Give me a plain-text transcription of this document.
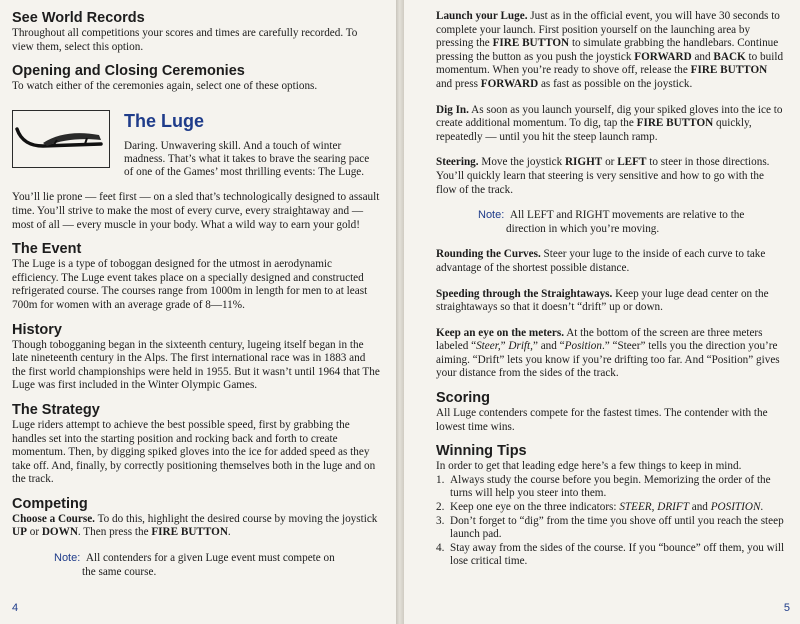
See World Records

Throughout all competitions your scores and times are carefully recorded. To view them, select this option.

Opening and Closing Ceremonies

To watch either of the ceremonies again, select one of these options.

The Luge

Daring. Unwavering skill. And a touch of winter madness. That’s what it takes to brave the searing pace of one of the Games’ most thrilling events: The Luge.

You’ll lie prone — feet first — on a sled that’s technologically designed to assault time. You’ll strive to make the most of every curve, every straightaway and — most of all — every muscle in your body. What a wild way to earn your gold!

The Event

The Luge is a type of toboggan designed for the utmost in aerodynamic efficiency. The Luge event takes place on a specially designed and constructed refrigerated course. The courses range from 1000m in length for men to at least 700m for women with an average grade of 8—11%.

History

Though tobogganing began in the sixteenth century, lugeing itself began in the late nineteenth century in the Alps. The first international race was in 1883 and the first world championships were held in 1955. But it wasn’t until 1964 that The Luge was first included in the Winter Olympic Games.

The Strategy

Luge riders attempt to achieve the best possible speed, first by grabbing the handles set into the starting position and rocking back and forth to create momentum. Then, by digging spiked gloves into the ice for added speed as they take off. And, finally, by correctly positioning themselves both in the luge and on the track.

Competing

Choose a Course. To do this, highlight the desired course by moving the joystick UP or DOWN. Then press the FIRE BUTTON.

Note: All contenders for a given Luge event must compete on
the same course.
4

Launch your Luge. Just as in the official event, you will have 30 seconds to complete your launch. First position yourself on the launching area by pressing the FIRE BUTTON to simulate grabbing the handlebars. Continue pressing the button as you push the joystick FORWARD and BACK to build momentum. When you’re ready to shove off, release the FIRE BUTTON and press FORWARD as fast as possible on the joystick.

Dig In. As soon as you launch yourself, dig your spiked gloves into the ice to create additional momentum. To dig, tap the FIRE BUTTON quickly, repeatedly — until you hit the steep launch ramp.

Steering. Move the joystick RIGHT or LEFT to steer in those directions. You’ll quickly learn that steering is very sensitive and how to go with the flow of the track.

Note: All LEFT and RIGHT movements are relative to the
direction in which you’re moving.

Rounding the Curves. Steer your luge to the inside of each curve to take advantage of the shortest possible distance.

Speeding through the Straightaways. Keep your luge dead center on the straightaways so that it doesn’t “drift” up or down.

Keep an eye on the meters. At the bottom of the screen are three meters labeled “Steer,” Drift,” and “Position.” “Steer” tells you the direction you’re aiming. “Drift” lets you know if you’re drifting too far. And “Position” gives your distance from the sides of the track.

Scoring

All Luge contenders compete for the fastest times. The contender with the lowest time wins.

Winning Tips

In order to get that leading edge here’s a few things to keep in mind.

1. Always study the course before you begin. Memorizing the order of the turns will help you steer into them.
2. Keep one eye on the three indicators: STEER, DRIFT and POSITION.
3. Don’t forget to “dig” from the time you shove off until you reach the steep launch pad.
4. Stay away from the sides of the course. If you “bounce” off them, you will lose critical time.
5
